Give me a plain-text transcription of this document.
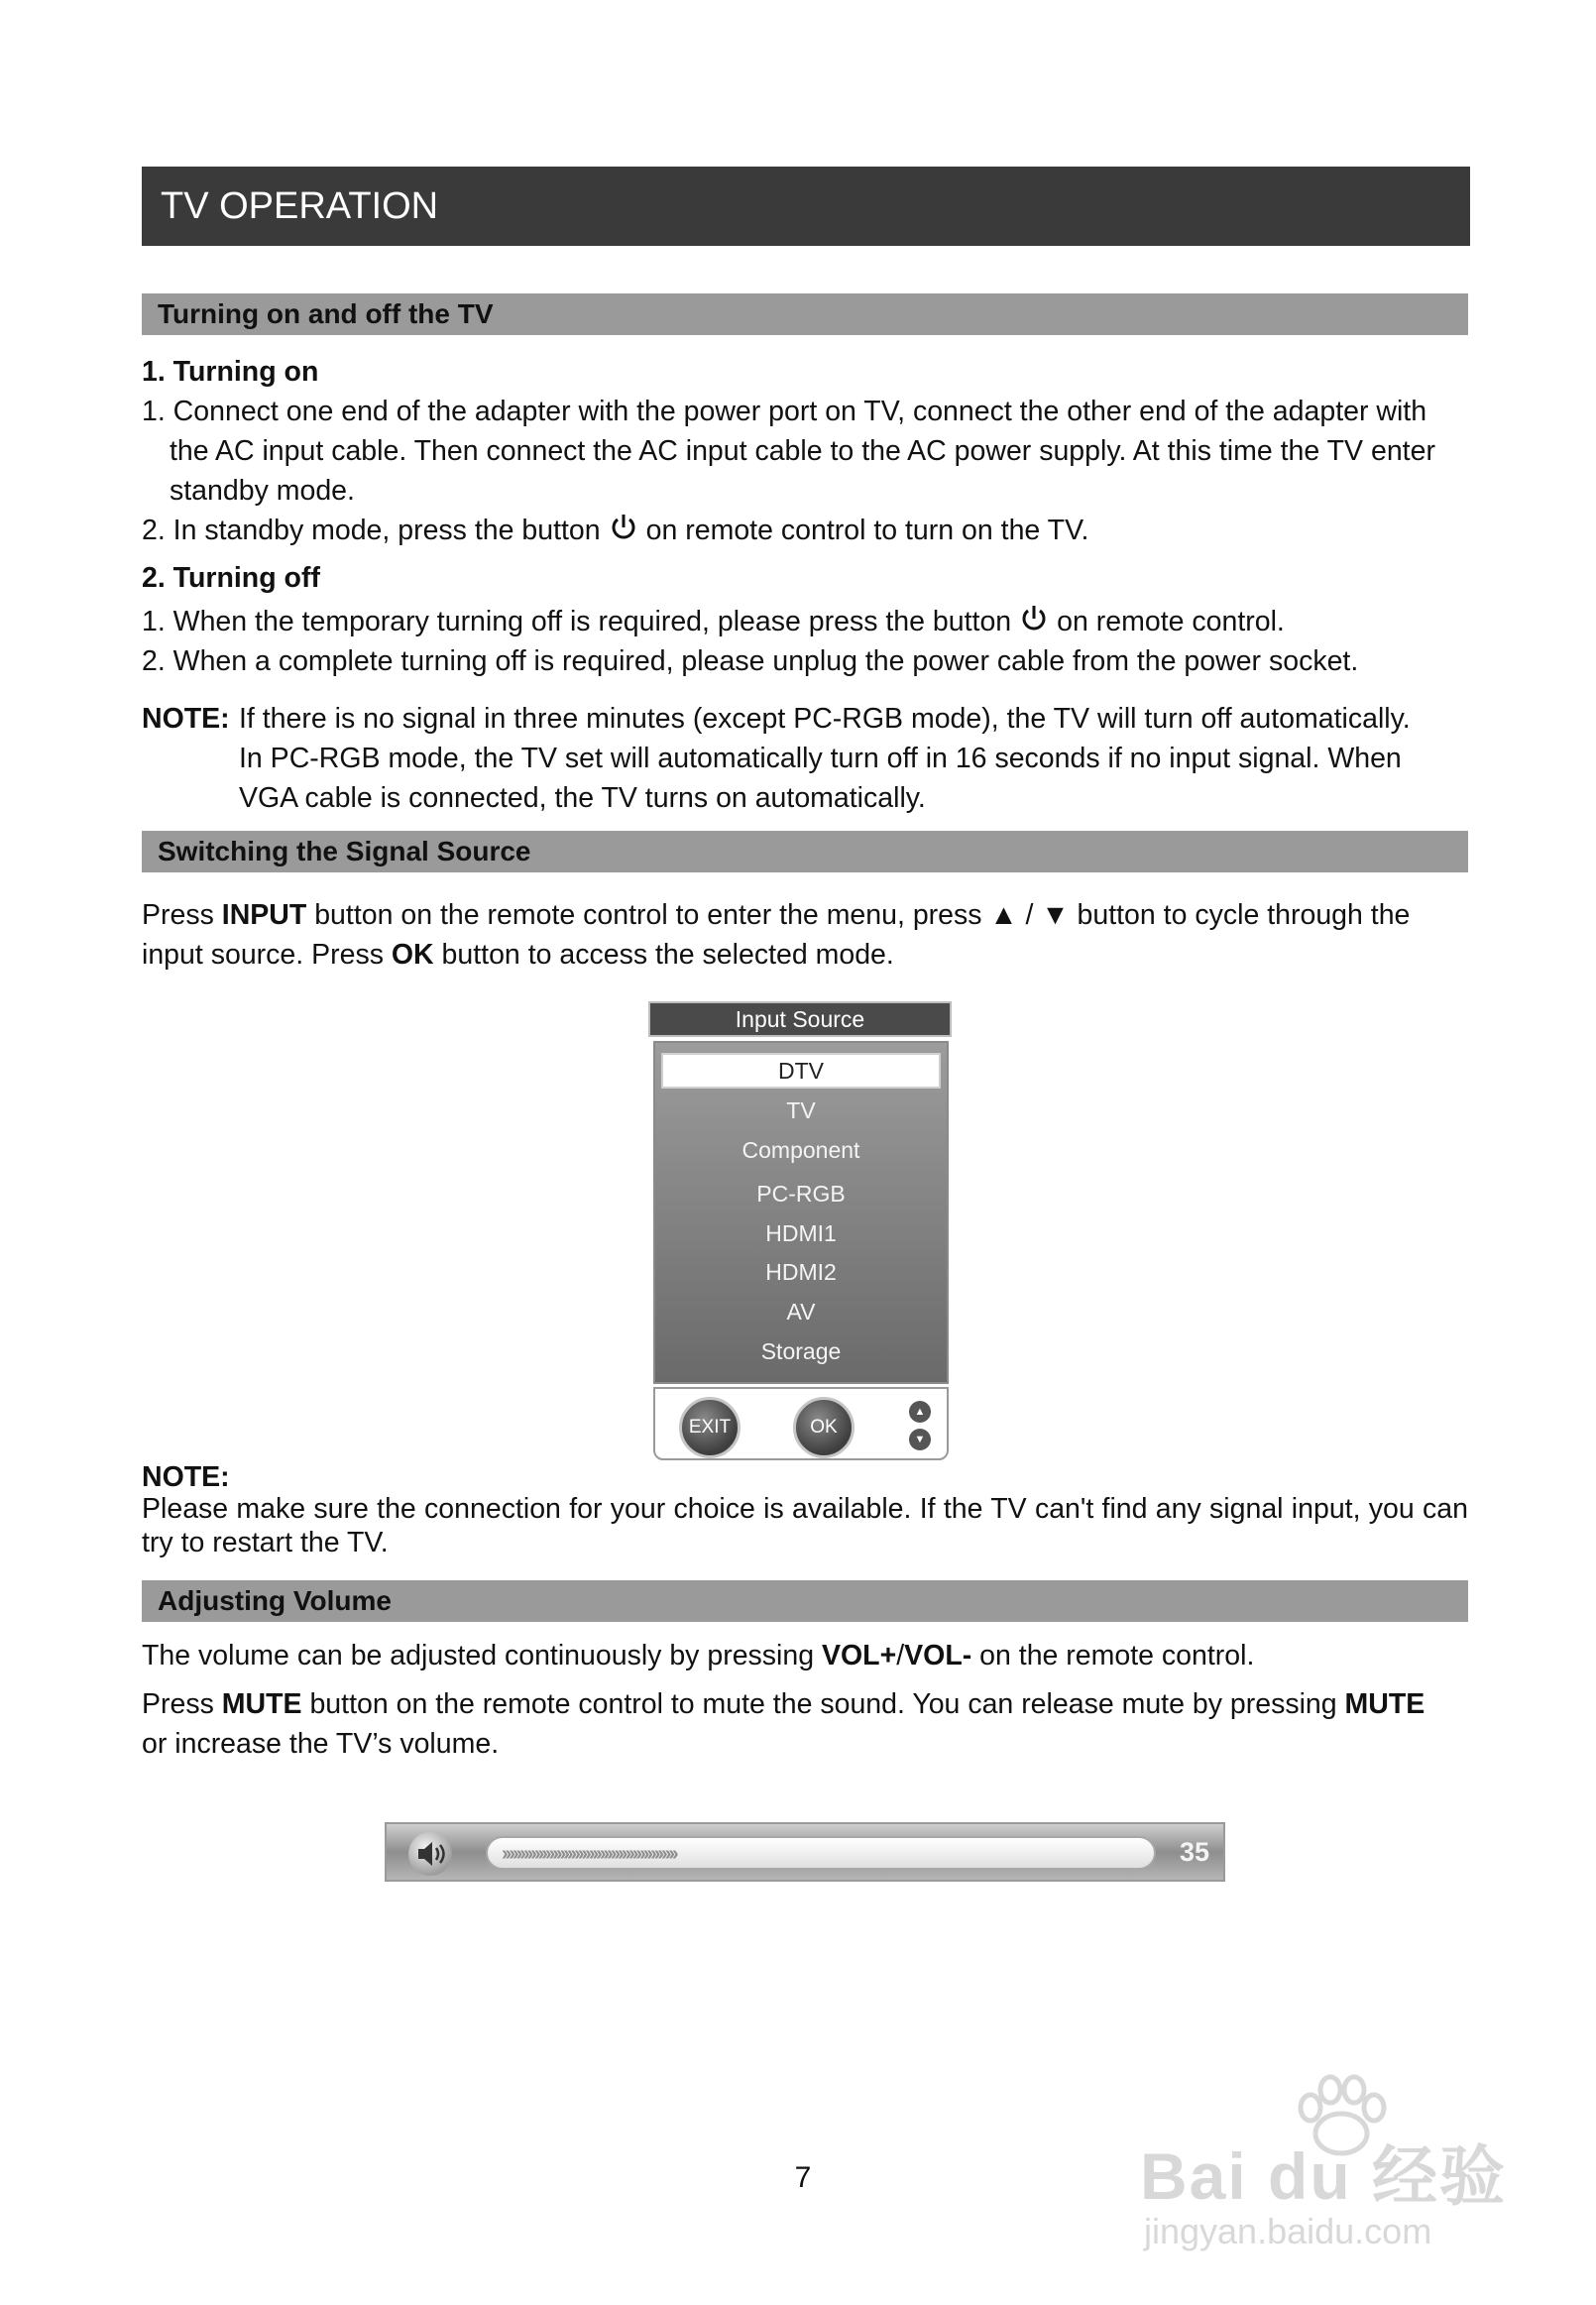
TV OPERATION
Turning on and off the TV
1. Turning on
1. Connect one end of the adapter with the power port on TV, connect the other end of the adapter with
the AC input cable. Then connect the AC input cable to the AC power supply. At this time the TV enter
standby mode.
2. In standby mode, press the button on remote control to turn on the TV.
2. Turning off
1. When the temporary turning off is required, please press the button on remote control.
2. When a complete turning off is required, please unplug the power cable from the power socket.
NOTE: If there is no signal in three minutes (except PC-RGB mode), the TV will turn off automatically.
In PC-RGB mode, the TV set will automatically turn off in 16 seconds if no input signal. When
VGA cable is connected, the TV turns on automatically.
Switching the Signal Source
Press INPUT button on the remote control to enter the menu, press ▲ / ▼ button to cycle through the
input source. Press OK button to access the selected mode.
Input Source
DTV
TV
Component
PC-RGB
HDMI1
HDMI2
AV
Storage
EXIT	OK
▲
▼
NOTE:
Please make sure the connection for your choice is available. If the TV can't find any signal input, you can try to restart the TV.
Adjusting Volume
The volume can be adjusted continuously by pressing VOL+/VOL- on the remote control.
Press MUTE button on the remote control to mute the sound. You can release mute by pressing MUTE
or increase the TV’s volume.
››››››››››››››››››››››››››››››››››››››››››››››››	35
7	Bai du 经验
jingyan.baidu.com
